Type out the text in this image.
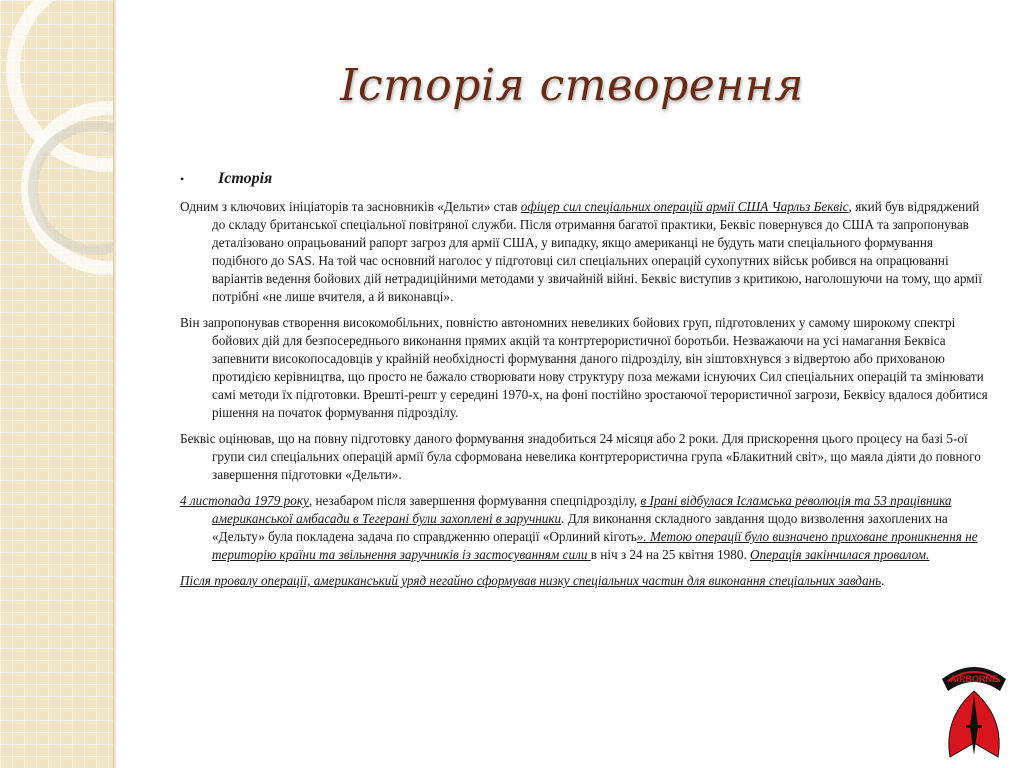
Історія створення
•	Історія

Одним з ключових ініціаторів та засновників «Дельти» став офіцер сил спеціальних операцій армії США Чарльз Беквіс, який був відряджений до складу британської спеціальної повітряної служби. Після отримання багатої практики, Беквіс повернувся до США та запропонував деталізовано опрацьований рапорт загроз для армії США, у випадку, якщо американці не будуть мати спеціального формування подібного до SAS. На той час основний наголос у підготовці сил спеціальних операцій сухопутних військ робився на опрацюванні варіантів ведення бойових дій нетрадиційними методами у звичайній війні. Беквіс виступив з критикою, наголошуючи на тому, що армії потрібні «не лише вчителя, а й виконавці».

Він запропонував створення високомобільних, повністю автономних невеликих бойових груп, підготовлених у самому широкому спектрі бойових дій для безпосереднього виконання прямих акцій та контртерористичної боротьби. Незважаючи на усі намагання Беквіса запевнити високопосадовців у крайній необхідності формування даного підрозділу, він зіштовхнувся з відвертою або прихованою протидією керівництва, що просто не бажало створювати нову структуру поза межами існуючих Сил спеціальних операцій та змінювати самі методи їх підготовки. Врешті-решт у середині 1970-х, на фоні постійно зростаючої терористичної загрози, Беквісу вдалося добитися рішення на початок формування підрозділу.

Беквіс оцінював, що на повну підготовку даного формування знадобиться 24 місяця або 2 роки. Для прискорення цього процесу на базі 5-ої групи сил спеціальних операцій армії була сформована невелика контртерористична група «Блакитний світ», що маяла діяти до повного завершення підготовки «Дельти».

4 листопада 1979 року, незабаром після завершення формування спецпідрозділу, в Ірані відбулася Ісламська революція та 53 працівника американської амбасади в Тегерані були захоплені в заручники. Для виконання складного завдання щодо визволення захоплених на «Дельту» була покладена задача по справдженню операції «Орлиний кіготь». Метою операції було визначено приховане проникнення не територію країни та звільнення заручників із застосуванням сили в ніч з 24 на 25 квітня 1980. Операція закінчилася провалом.

Після провалу операції, американський уряд негайно сформував низку спеціальних частин для виконання спеціальних завдань.

AIRBORNE
